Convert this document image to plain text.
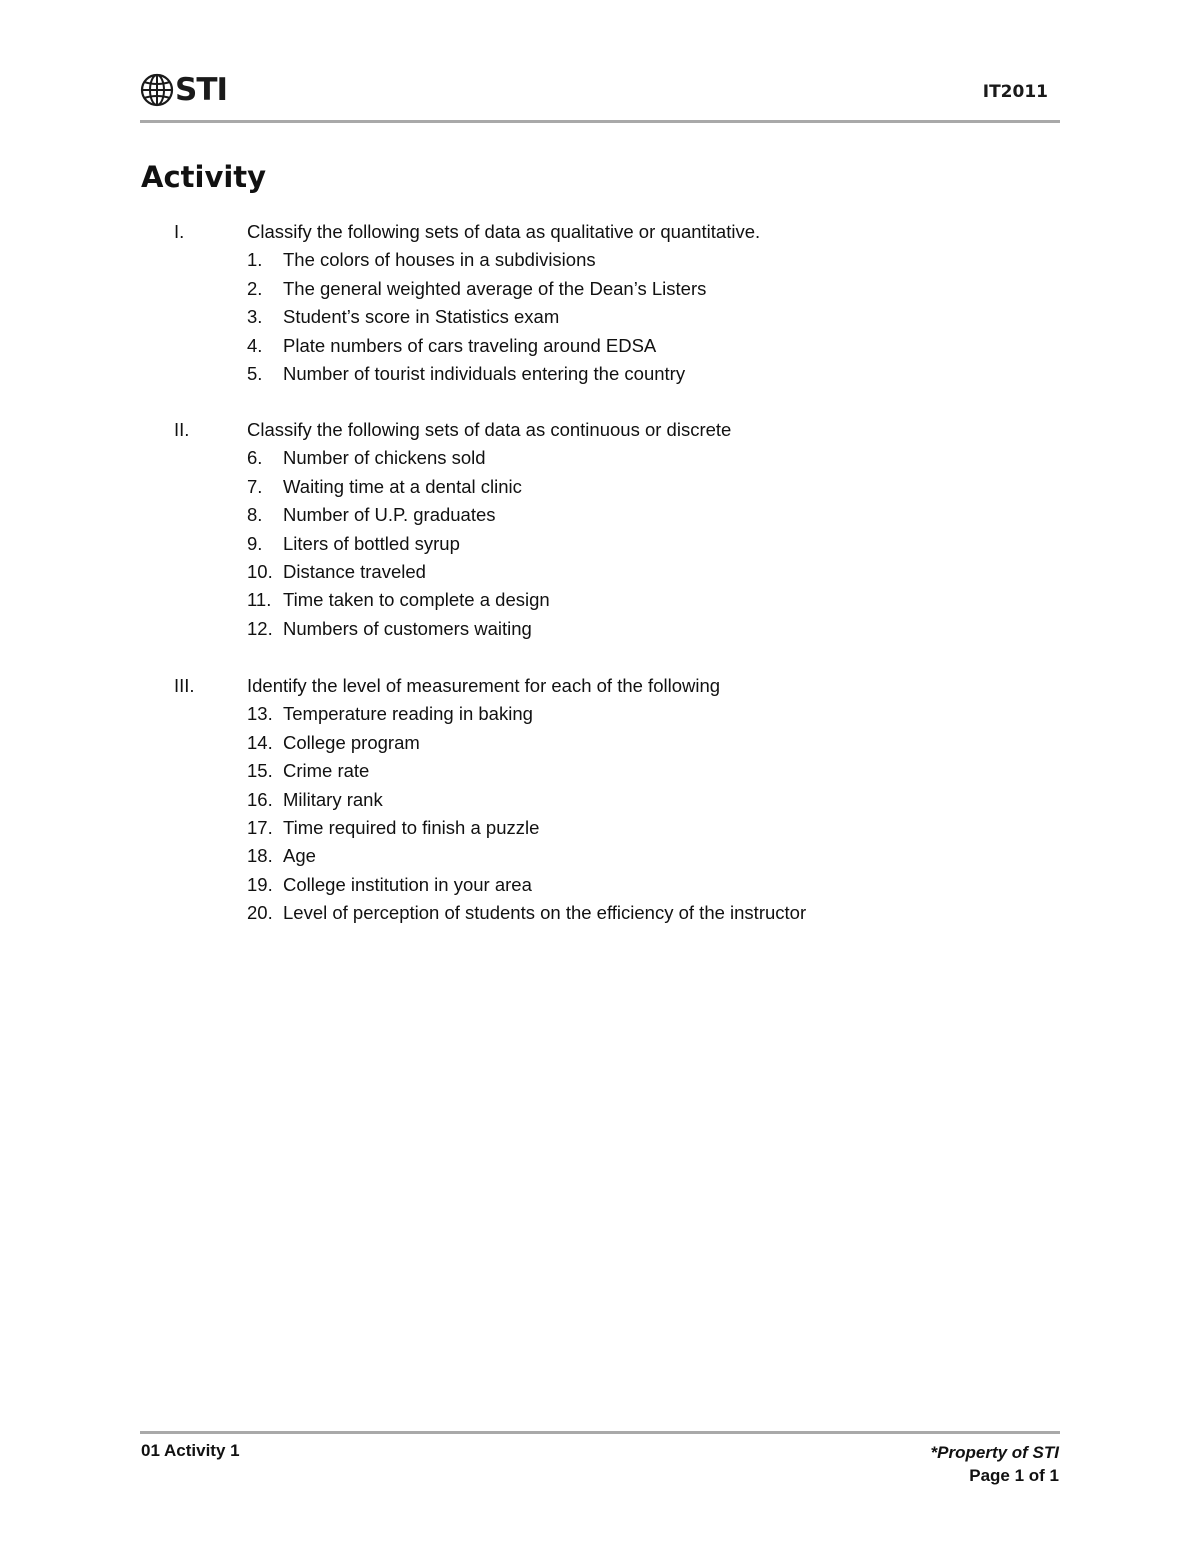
STI	IT2011
Activity
I.	Classify the following sets of data as qualitative or quantitative.
1. The colors of houses in a subdivisions
2. The general weighted average of the Dean’s Listers
3. Student’s score in Statistics exam
4. Plate numbers of cars traveling around EDSA
5. Number of tourist individuals entering the country
II.	Classify the following sets of data as continuous or discrete
6. Number of chickens sold
7. Waiting time at a dental clinic
8. Number of U.P. graduates
9. Liters of bottled syrup
10. Distance traveled
11. Time taken to complete a design
12. Numbers of customers waiting
III.	Identify the level of measurement for each of the following
13. Temperature reading in baking
14. College program
15. Crime rate
16. Military rank
17. Time required to finish a puzzle
18. Age
19. College institution in your area
20. Level of perception of students on the efficiency of the instructor
01 Activity 1	*Property of STI
Page 1 of 1
